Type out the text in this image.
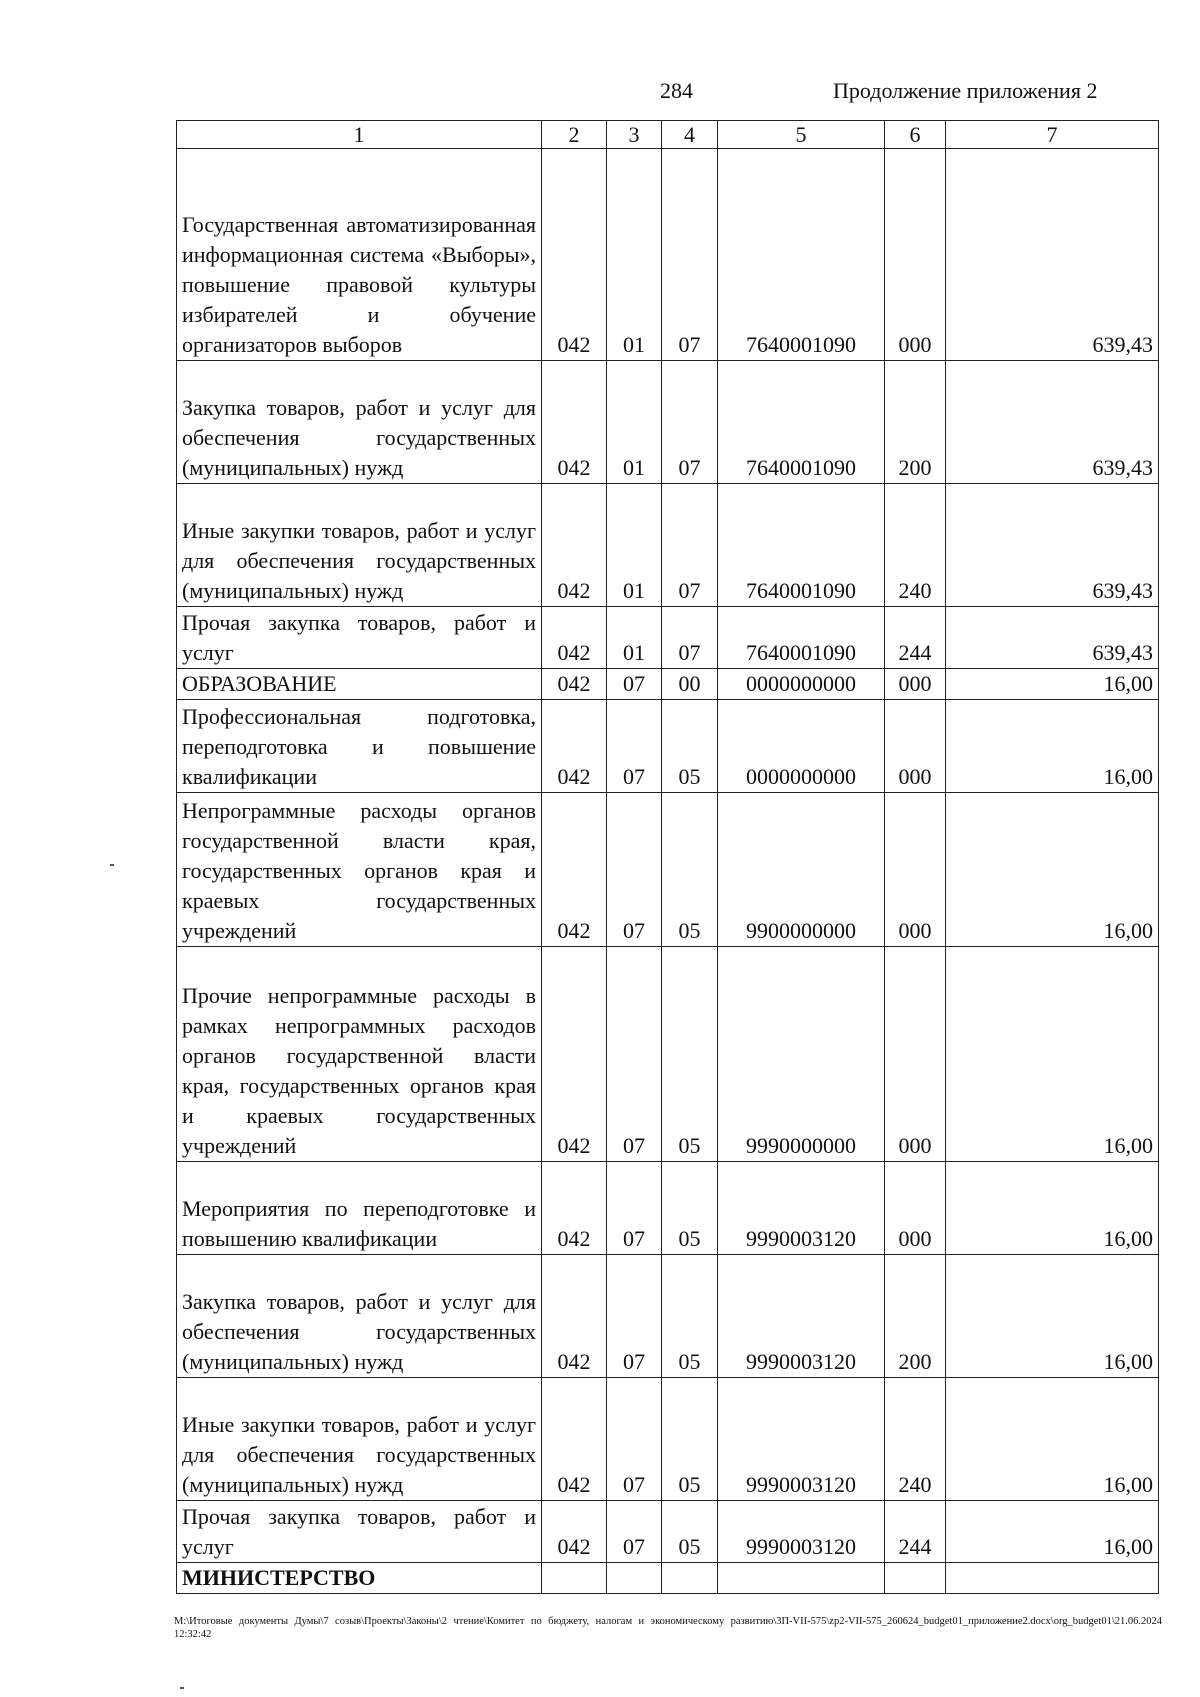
284	Продолжение приложения 2
1	2	3	4	5	6	7
Государственная автоматизированная информационная система «Выборы», повышение правовой культуры избирателей и обучение организаторов выборов	042	01	07	7640001090	000	639,43
Закупка товаров, работ и услуг для обеспечения государственных (муниципальных) нужд	042	01	07	7640001090	200	639,43
Иные закупки товаров, работ и услуг для обеспечения государственных (муниципальных) нужд	042	01	07	7640001090	240	639,43
Прочая закупка товаров, работ и услуг	042	01	07	7640001090	244	639,43
ОБРАЗОВАНИЕ	042	07	00	0000000000	000	16,00
Профессиональная подготовка, переподготовка и повышение квалификации	042	07	05	0000000000	000	16,00
Непрограммные расходы органов государственной власти края, государственных органов края и краевых государственных учреждений	042	07	05	9900000000	000	16,00
Прочие непрограммные расходы в рамках непрограммных расходов органов государственной власти края, государственных органов края и краевых государственных учреждений	042	07	05	9990000000	000	16,00
Мероприятия по переподготовке и повышению квалификации	042	07	05	9990003120	000	16,00
Закупка товаров, работ и услуг для обеспечения государственных (муниципальных) нужд	042	07	05	9990003120	200	16,00
Иные закупки товаров, работ и услуг для обеспечения государственных (муниципальных) нужд	042	07	05	9990003120	240	16,00
Прочая закупка товаров, работ и услуг	042	07	05	9990003120	244	16,00
МИНИСТЕРСТВО						
M:\Итоговые документы Думы\7 созыв\Проекты\Законы\2 чтение\Комитет по бюджету, налогам и экономическому развитию\3П-VII-575\zp2-VII-575_260624_budget01_приложение2.docx\org_budget01\21.06.2024 12:32:42
